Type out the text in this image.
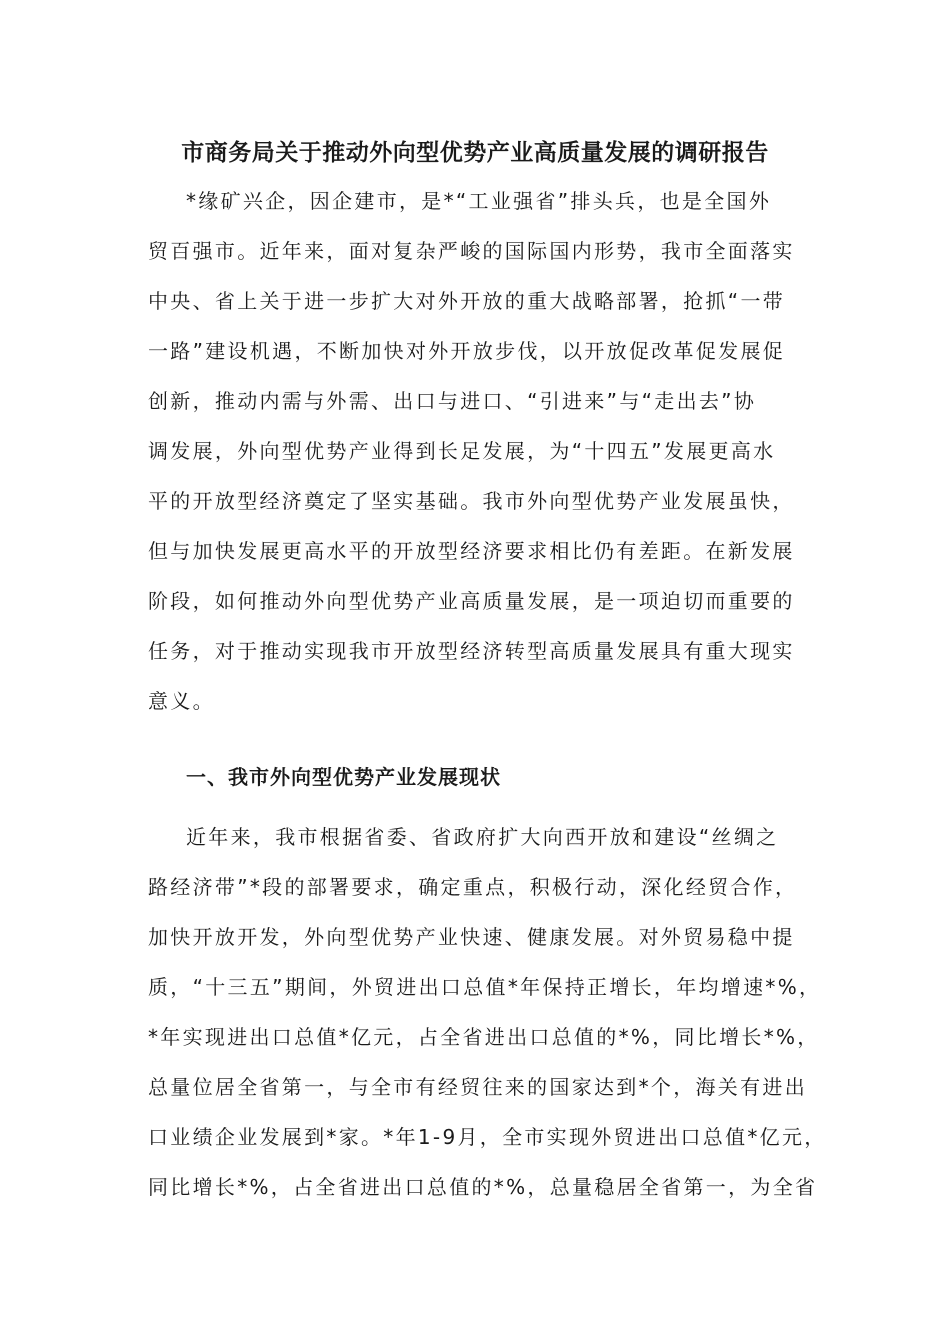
市商务局关于推动外向型优势产业高质量发展的调研报告
*缘矿兴企，因企建市，是*“工业强省”排头兵，也是全国外
贸百强市。近年来，面对复杂严峻的国际国内形势，我市全面落实
中央、省上关于进一步扩大对外开放的重大战略部署，抢抓“一带
一路”建设机遇，不断加快对外开放步伐，以开放促改革促发展促
创新，推动内需与外需、出口与进口、“引进来”与“走出去”协
调发展，外向型优势产业得到长足发展，为“十四五”发展更高水
平的开放型经济奠定了坚实基础。我市外向型优势产业发展虽快，
但与加快发展更高水平的开放型经济要求相比仍有差距。在新发展
阶段，如何推动外向型优势产业高质量发展，是一项迫切而重要的
任务，对于推动实现我市开放型经济转型高质量发展具有重大现实
意义。
一、我市外向型优势产业发展现状
近年来，我市根据省委、省政府扩大向西开放和建设“丝绸之
路经济带”*段的部署要求，确定重点，积极行动，深化经贸合作，
加快开放开发，外向型优势产业快速、健康发展。对外贸易稳中提
质，“十三五”期间，外贸进出口总值*年保持正增长，年均增速*%，
*年实现进出口总值*亿元，占全省进出口总值的*%，同比增长*%，
总量位居全省第一，与全市有经贸往来的国家达到*个，海关有进出
口业绩企业发展到*家。*年1-9月，全市实现外贸进出口总值*亿元，
同比增长*%，占全省进出口总值的*%，总量稳居全省第一，为全省
